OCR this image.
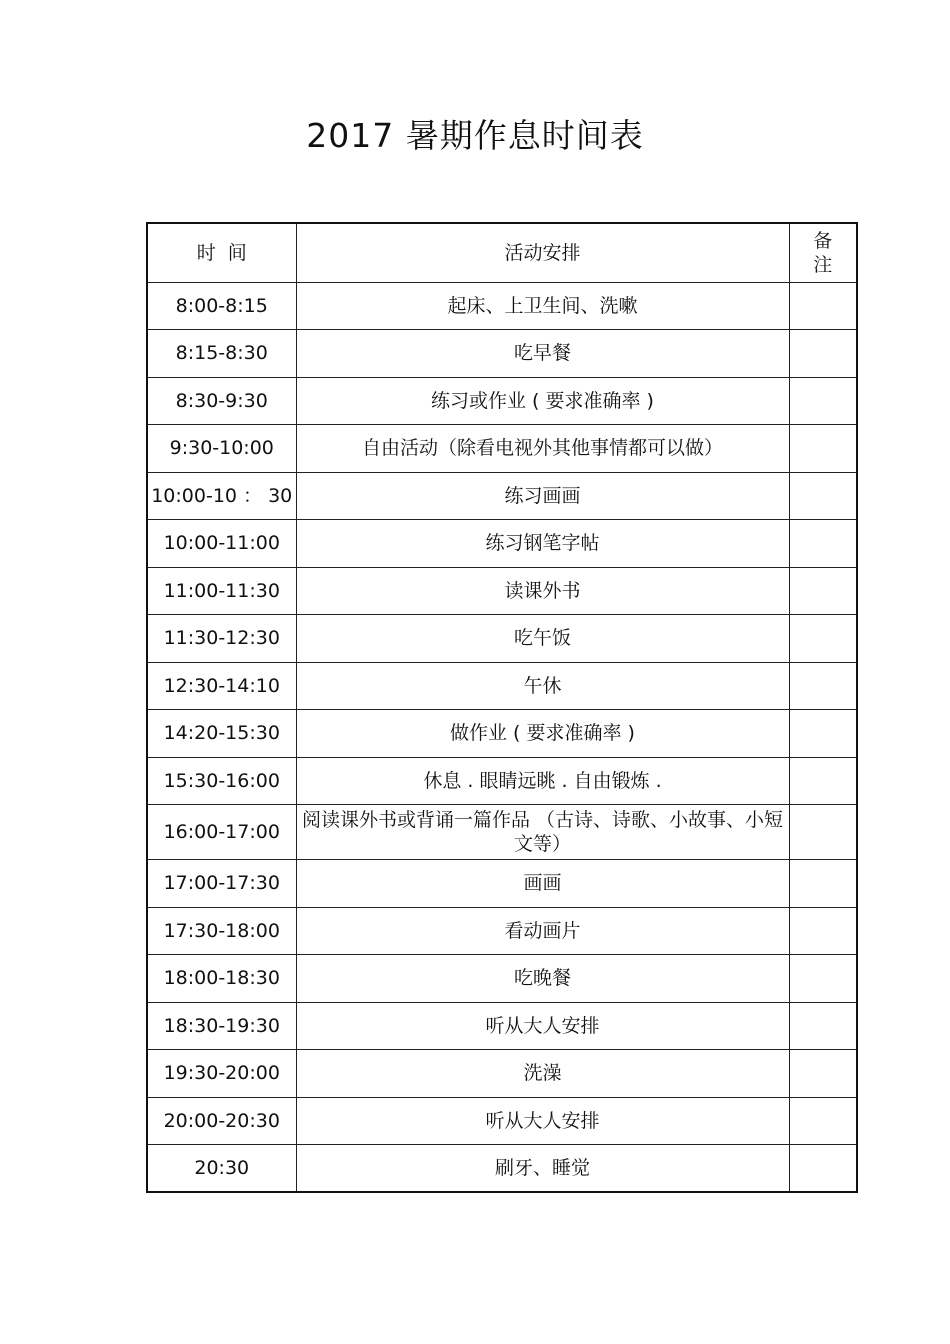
2017 暑期作息时间表
时  间	活动安排	备
注

8:00-8:15	起床、上卫生间、洗嗽	
8:15-8:30	吃早餐	
8:30-9:30	练习或作业 ( 要求准确率 )	
9:30-10:00	自由活动（除看电视外其他事情都可以做）	
10:00-10 ： 30	练习画画	
10:00-11:00	练习钢笔字帖	
11:00-11:30	读课外书	
11:30-12:30	吃午饭	
12:30-14:10	午休	
14:20-15:30	做作业 ( 要求准确率 )	
15:30-16:00	休息 . 眼睛远眺 . 自由锻炼 .	
16:00-17:00	阅读课外书或背诵一篇作品 （古诗、诗歌、小故事、小短文等）	
17:00-17:30	画画	
17:30-18:00	看动画片	
18:00-18:30	吃晚餐	
18:30-19:30	听从大人安排	
19:30-20:00	洗澡	
20:00-20:30	听从大人安排	
20:30	刷牙、睡觉	
